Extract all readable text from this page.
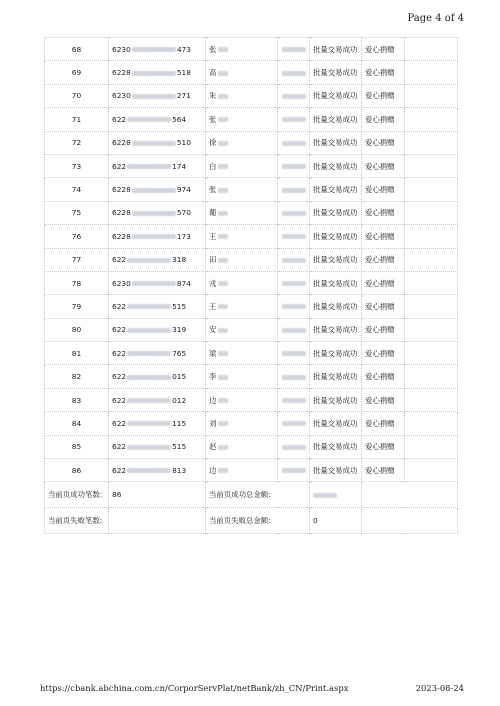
Page 4 of 4
68	6230 473	张		批量交易成功	爱心捐赠	
69	6228 518	高		批量交易成功	爱心捐赠	
70	6230 271	朱		批量交易成功	爱心捐赠	
71	622 564	张		批量交易成功	爱心捐赠	
72	6228 510	徐		批量交易成功	爱心捐赠	
73	622 174	白		批量交易成功	爱心捐赠	
74	6228 974	张		批量交易成功	爱心捐赠	
75	6228 570	葡		批量交易成功	爱心捐赠	
76	6228 173	王		批量交易成功	爱心捐赠	
77	622 318	田		批量交易成功	爱心捐赠	
78	6230 874	戎		批量交易成功	爱心捐赠	
79	622 515	王		批量交易成功	爱心捐赠	
80	622 319	安		批量交易成功	爱心捐赠	
81	622 765	梁		批量交易成功	爱心捐赠	
82	622 015	李		批量交易成功	爱心捐赠	
83	622 012	边		批量交易成功	爱心捐赠	
84	622 115	刘		批量交易成功	爱心捐赠	
85	622 515	赵		批量交易成功	爱心捐赠	
86	622 813	边		批量交易成功	爱心捐赠	
当前页成功笔数:	86	当前页成功总金额:				
当前页失败笔数:		当前页失败总金额:		0		
https://cbank.abchina.com.cn/CorporServPlat/netBank/zh_CN/Print.aspx	2023-08-24
